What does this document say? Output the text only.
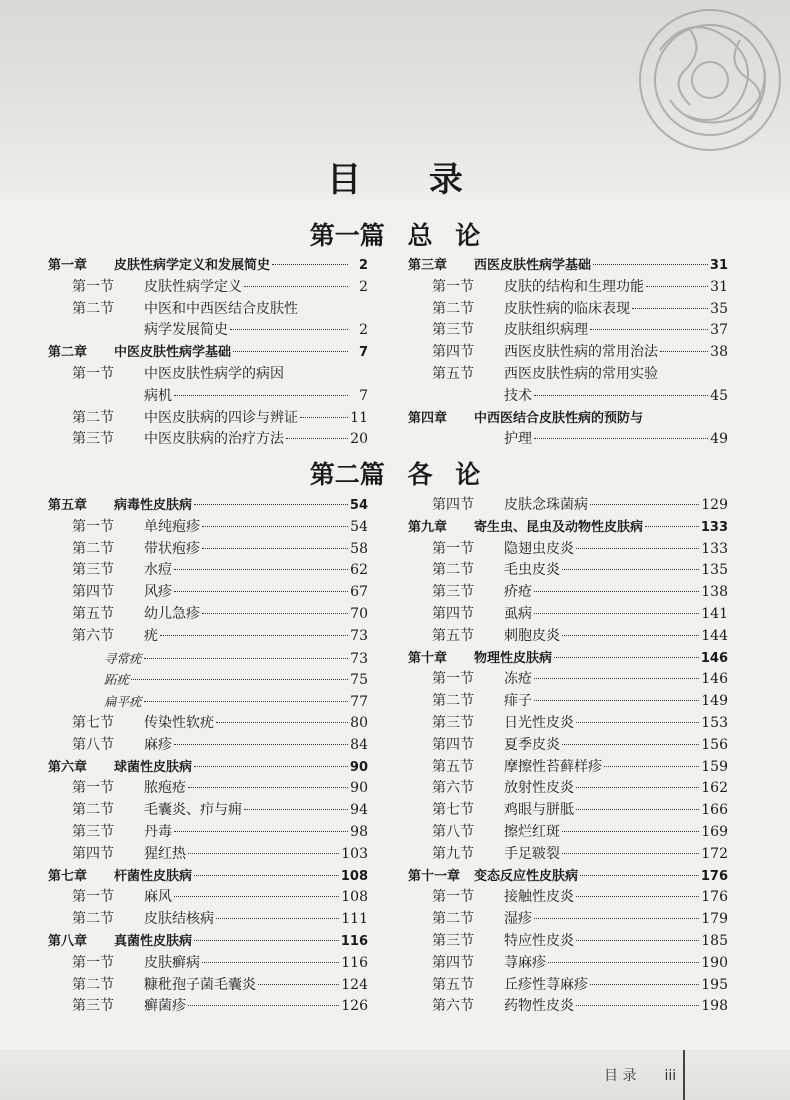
目 录
第一篇 总 论
第二篇 各 论
第一章	皮肤性病学定义和发展简史	2
第一节	皮肤性病学定义	2
第二节	中医和中西医结合皮肤性
病学发展简史	2
第二章	中医皮肤性病学基础	7
第一节	中医皮肤性病学的病因
病机	7
第二节	中医皮肤病的四诊与辨证	11
第三节	中医皮肤病的治疗方法	20
第三章	西医皮肤性病学基础	31
第一节	皮肤的结构和生理功能	31
第二节	皮肤性病的临床表现	35
第三节	皮肤组织病理	37
第四节	西医皮肤性病的常用治法	38
第五节	西医皮肤性病的常用实验
技术	45
第四章	中西医结合皮肤性病的预防与
护理	49
第五章	病毒性皮肤病	54
第一节	单纯疱疹	54
第二节	带状疱疹	58
第三节	水痘	62
第四节	风疹	67
第五节	幼儿急疹	70
第六节	疣	73
寻常疣	73
跖疣	75
扁平疣	77
第七节	传染性软疣	80
第八节	麻疹	84
第六章	球菌性皮肤病	90
第一节	脓疱疮	90
第二节	毛囊炎、疖与痈	94
第三节	丹毒	98
第四节	猩红热	103
第七章	杆菌性皮肤病	108
第一节	麻风	108
第二节	皮肤结核病	111
第八章	真菌性皮肤病	116
第一节	皮肤癣病	116
第二节	糠秕孢子菌毛囊炎	124
第三节	癣菌疹	126
第四节	皮肤念珠菌病	129
第九章	寄生虫、昆虫及动物性皮肤病	133
第一节	隐翅虫皮炎	133
第二节	毛虫皮炎	135
第三节	疥疮	138
第四节	虱病	141
第五节	刺胞皮炎	144
第十章	物理性皮肤病	146
第一节	冻疮	146
第二节	痱子	149
第三节	日光性皮炎	153
第四节	夏季皮炎	156
第五节	摩擦性苔藓样疹	159
第六节	放射性皮炎	162
第七节	鸡眼与胼胝	166
第八节	擦烂红斑	169
第九节	手足皲裂	172
第十一章	变态反应性皮肤病	176
第一节	接触性皮炎	176
第二节	湿疹	179
第三节	特应性皮炎	185
第四节	荨麻疹	190
第五节	丘疹性荨麻疹	195
第六节	药物性皮炎	198
目 录 iii
